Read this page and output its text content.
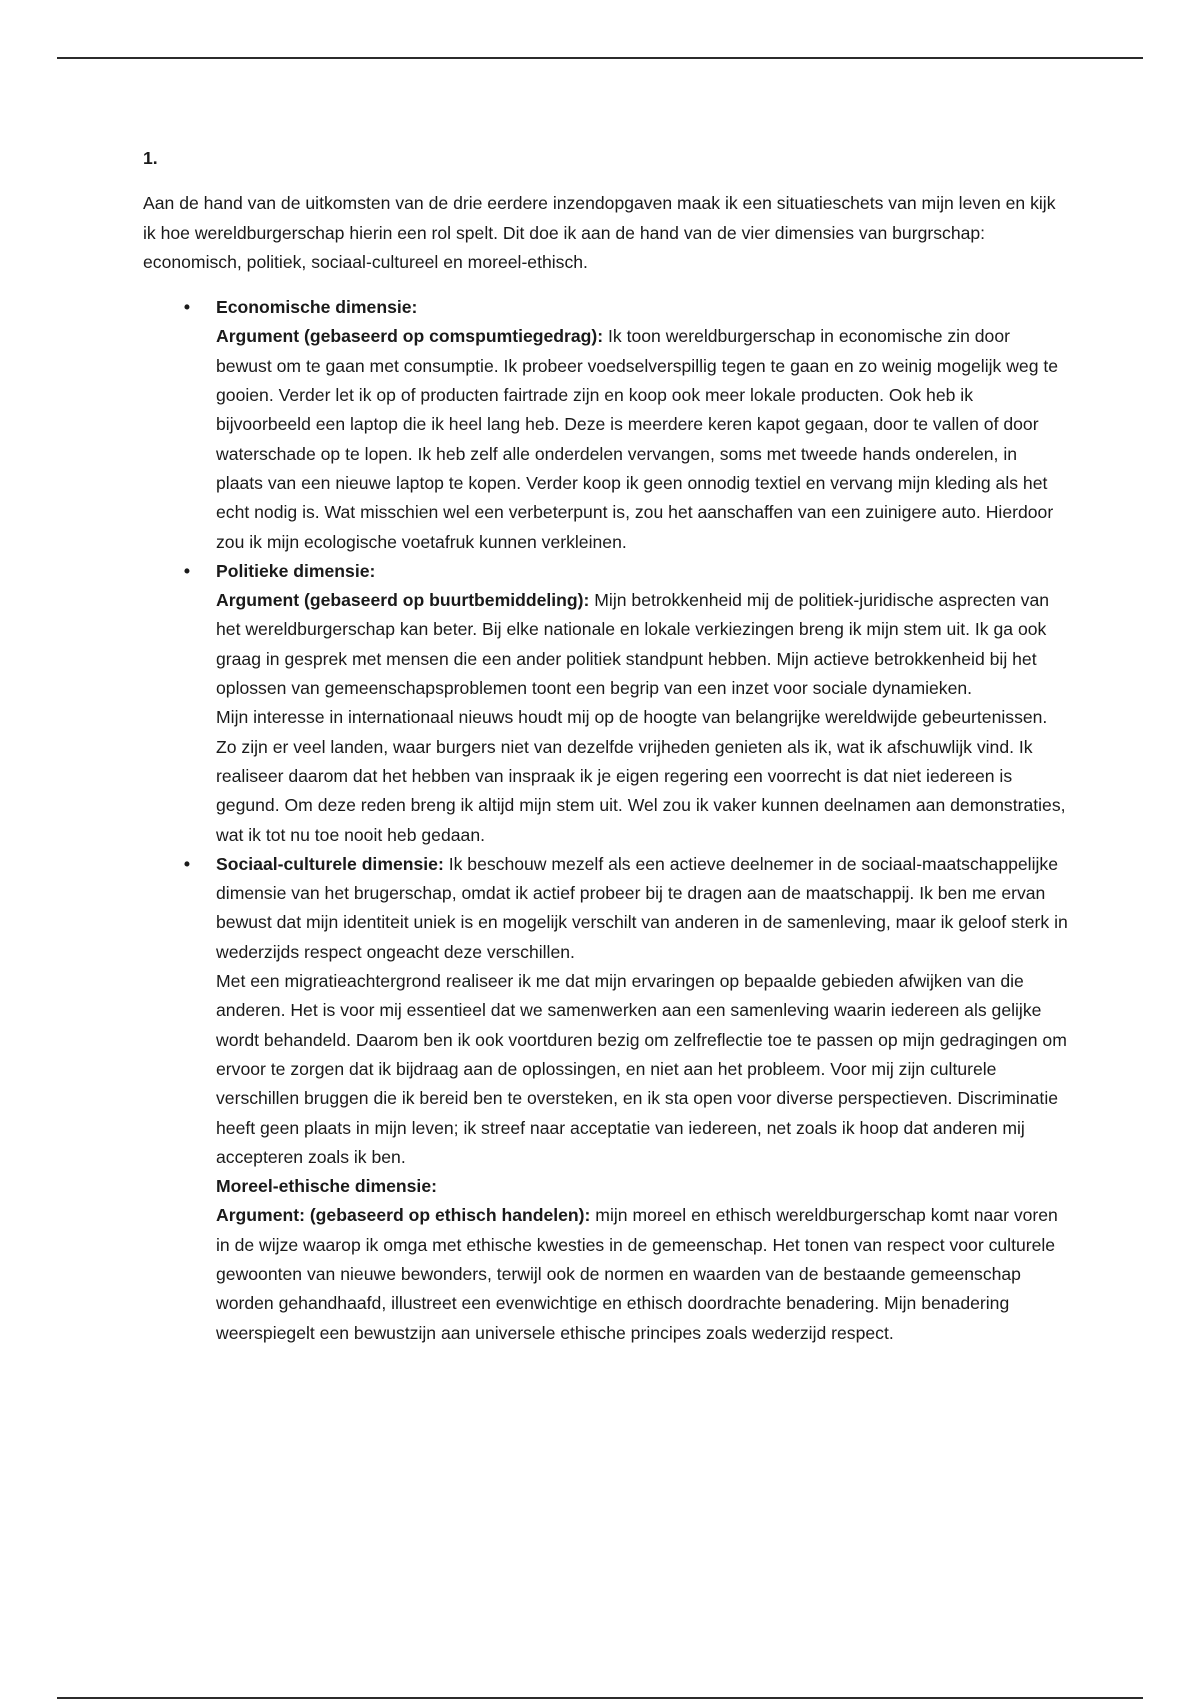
1.

Aan de hand van de uitkomsten van de drie eerdere inzendopgaven maak ik een situatieschets van mijn leven en kijk ik hoe wereldburgerschap hierin een rol spelt. Dit doe ik aan de hand van de vier dimensies van burgrschap: economisch, politiek, sociaal-cultureel en moreel-ethisch.

• Economische dimensie:
Argument (gebaseerd op comspumtiegedrag): Ik toon wereldburgerschap in economische zin door bewust om te gaan met consumptie. Ik probeer voedselverspillig tegen te gaan en zo weinig mogelijk weg te gooien. Verder let ik op of producten fairtrade zijn en koop ook meer lokale producten. Ook heb ik bijvoorbeeld een laptop die ik heel lang heb. Deze is meerdere keren kapot gegaan, door te vallen of door waterschade op te lopen. Ik heb zelf alle onderdelen vervangen, soms met tweede hands onderelen, in plaats van een nieuwe laptop te kopen. Verder koop ik geen onnodig textiel en vervang mijn kleding als het echt nodig is. Wat misschien wel een verbeterpunt is, zou het aanschaffen van een zuinigere auto. Hierdoor zou ik mijn ecologische voetafruk kunnen verkleinen.
• Politieke dimensie:
Argument (gebaseerd op buurtbemiddeling): Mijn betrokkenheid mij de politiek-juridische asprecten van het wereldburgerschap kan beter. Bij elke nationale en lokale verkiezingen breng ik mijn stem uit. Ik ga ook graag in gesprek met mensen die een ander politiek standpunt hebben. Mijn actieve betrokkenheid bij het oplossen van gemeenschapsproblemen toont een begrip van een inzet voor sociale dynamieken.
Mijn interesse in internationaal nieuws houdt mij op de hoogte van belangrijke wereldwijde gebeurtenissen. Zo zijn er veel landen, waar burgers niet van dezelfde vrijheden genieten als ik, wat ik afschuwlijk vind. Ik realiseer daarom dat het hebben van inspraak ik je eigen regering een voorrecht is dat niet iedereen is gegund. Om deze reden breng ik altijd mijn stem uit. Wel zou ik vaker kunnen deelnamen aan demonstraties, wat ik tot nu toe nooit heb gedaan.
• Sociaal-culturele dimensie: Ik beschouw mezelf als een actieve deelnemer in de sociaal-maatschappelijke dimensie van het brugerschap, omdat ik actief probeer bij te dragen aan de maatschappij. Ik ben me ervan bewust dat mijn identiteit uniek is en mogelijk verschilt van anderen in de samenleving, maar ik geloof sterk in wederzijds respect ongeacht deze verschillen.
Met een migratieachtergrond realiseer ik me dat mijn ervaringen op bepaalde gebieden afwijken van die anderen. Het is voor mij essentieel dat we samenwerken aan een samenleving waarin iedereen als gelijke wordt behandeld. Daarom ben ik ook voortduren bezig om zelfreflectie toe te passen op mijn gedragingen om ervoor te zorgen dat ik bijdraag aan de oplossingen, en niet aan het probleem. Voor mij zijn culturele verschillen bruggen die ik bereid ben te oversteken, en ik sta open voor diverse perspectieven. Discriminatie heeft geen plaats in mijn leven; ik streef naar acceptatie van iedereen, net zoals ik hoop dat anderen mij accepteren zoals ik ben.
Moreel-ethische dimensie:
Argument: (gebaseerd op ethisch handelen): mijn moreel en ethisch wereldburgerschap komt naar voren in de wijze waarop ik omga met ethische kwesties in de gemeenschap. Het tonen van respect voor culturele gewoonten van nieuwe bewonders, terwijl ook de normen en waarden van de bestaande gemeenschap worden gehandhaafd, illustreet een evenwichtige en ethisch doordrachte benadering. Mijn benadering weerspiegelt een bewustzijn aan universele ethische principes zoals wederzijd respect.
